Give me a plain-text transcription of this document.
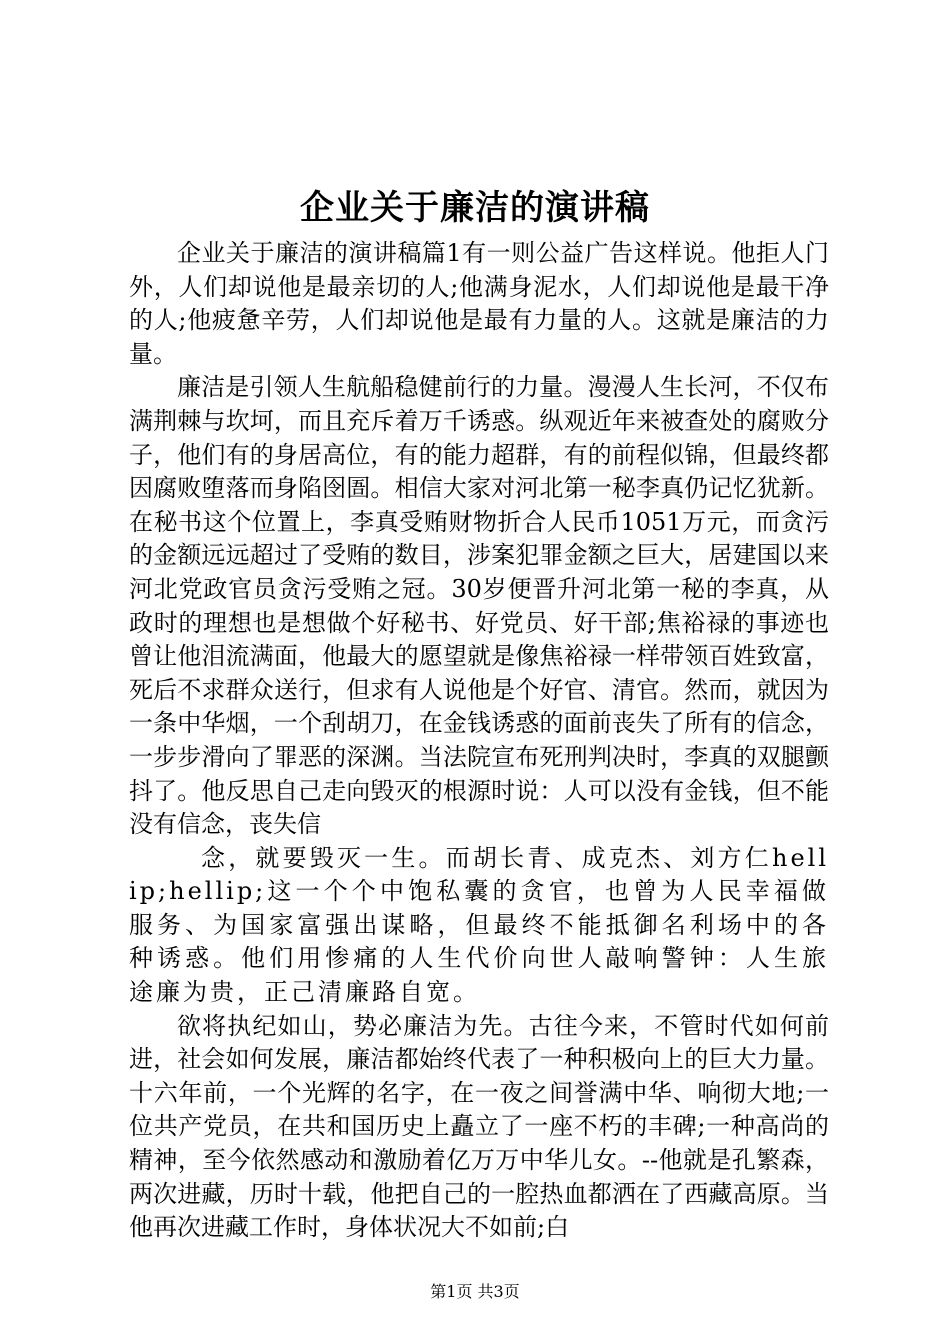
企业关于廉洁的演讲稿

企业关于廉洁的演讲稿篇1有一则公益广告这样说。他拒人门外，人们却说他是最亲切的人;他满身泥水，人们却说他是最干净的人;他疲惫辛劳，人们却说他是最有力量的人。这就是廉洁的力量。

廉洁是引领人生航船稳健前行的力量。漫漫人生长河，不仅布满荆棘与坎坷，而且充斥着万千诱惑。纵观近年来被查处的腐败分子，他们有的身居高位，有的能力超群，有的前程似锦，但最终都因腐败堕落而身陷囹圄。相信大家对河北第一秘李真仍记忆犹新。在秘书这个位置上，李真受贿财物折合人民币1051万元，而贪污的金额远远超过了受贿的数目，涉案犯罪金额之巨大，居建国以来河北党政官员贪污受贿之冠。30岁便晋升河北第一秘的李真，从政时的理想也是想做个好秘书、好党员、好干部;焦裕禄的事迹也曾让他泪流满面，他最大的愿望就是像焦裕禄一样带领百姓致富，死后不求群众送行，但求有人说他是个好官、清官。然而，就因为一条中华烟，一个刮胡刀，在金钱诱惑的面前丧失了所有的信念，一步步滑向了罪恶的深渊。当法院宣布死刑判决时，李真的双腿颤抖了。他反思自己走向毁灭的根源时说：人可以没有金钱，但不能没有信念，丧失信

念，就要毁灭一生。而胡长青、成克杰、刘方仁hellip;hellip;这一个个中饱私囊的贪官，也曾为人民幸福做服务、为国家富强出谋略，但最终不能抵御名利场中的各种诱惑。他们用惨痛的人生代价向世人敲响警钟：人生旅途廉为贵，正己清廉路自宽。

欲将执纪如山，势必廉洁为先。古往今来，不管时代如何前进，社会如何发展，廉洁都始终代表了一种积极向上的巨大力量。十六年前，一个光辉的名字，在一夜之间誉满中华、响彻大地;一位共产党员，在共和国历史上矗立了一座不朽的丰碑;一种高尚的精神，至今依然感动和激励着亿万万中华儿女。--他就是孔繁森，两次进藏，历时十载，他把自己的一腔热血都洒在了西藏高原。当他再次进藏工作时，身体状况大不如前;白

第1页 共3页
